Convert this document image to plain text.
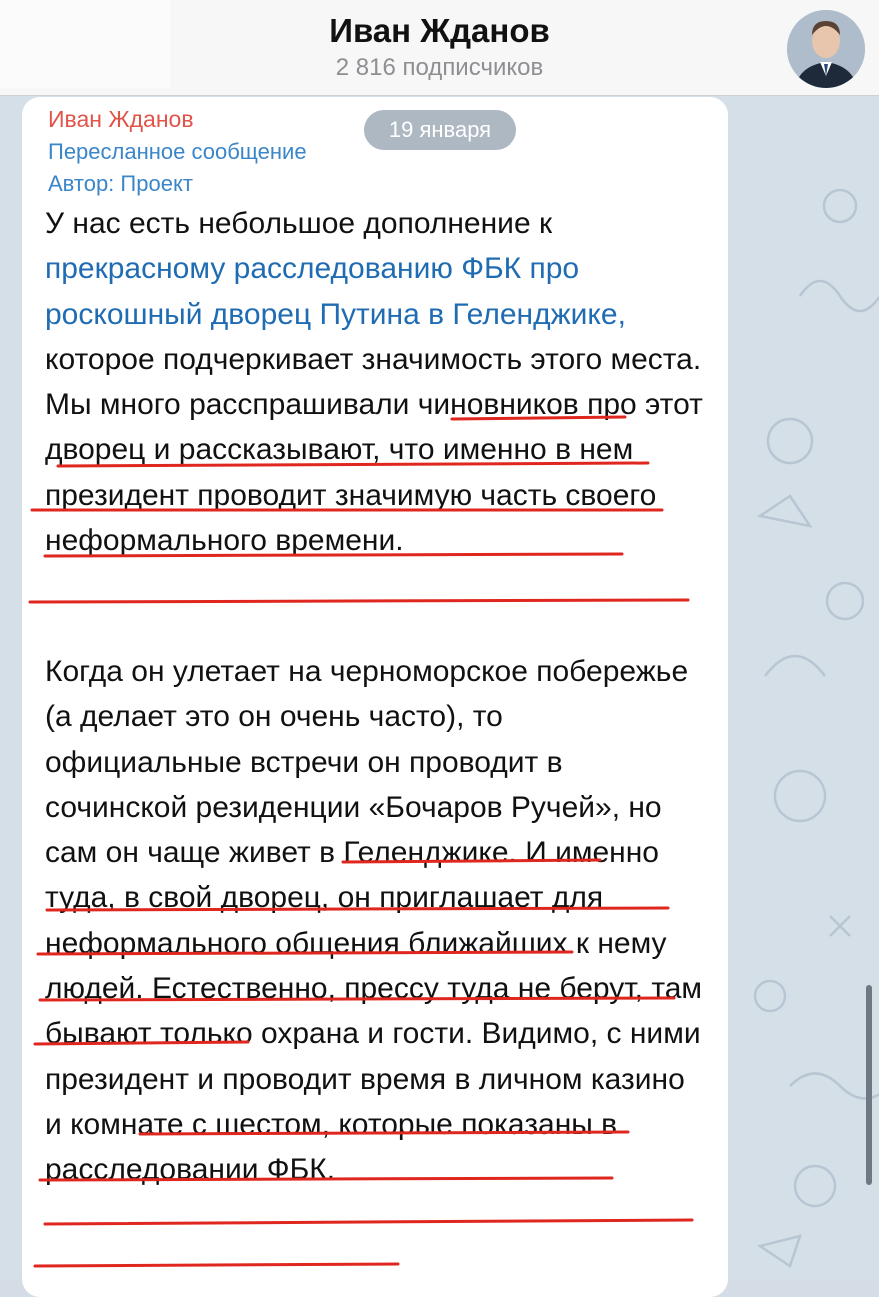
Иван Жданов
2 816 подписчиков
Иван Жданов
Пересланное сообщение
Автор: Проект
19 января
У нас есть небольшое дополнение к прекрасному расследованию ФБК про роскошный дворец Путина в Геленджике, которое подчеркивает значимость этого места. Мы много расспрашивали чиновников про этот дворец и рассказывают, что именно в нем президент проводит значимую часть своего неформального времени.
Когда он улетает на черноморское побережье (а делает это он очень часто), то официальные встречи он проводит в сочинской резиденции «Бочаров Ручей», но сам он чаще живет в Геленджике. И именно туда, в свой дворец, он приглашает для неформального общения ближайших к нему людей. Естественно, прессу туда не берут, там бывают только охрана и гости. Видимо, с ними президент и проводит время в личном казино и комнате с шестом, которые показаны в расследовании ФБК.
